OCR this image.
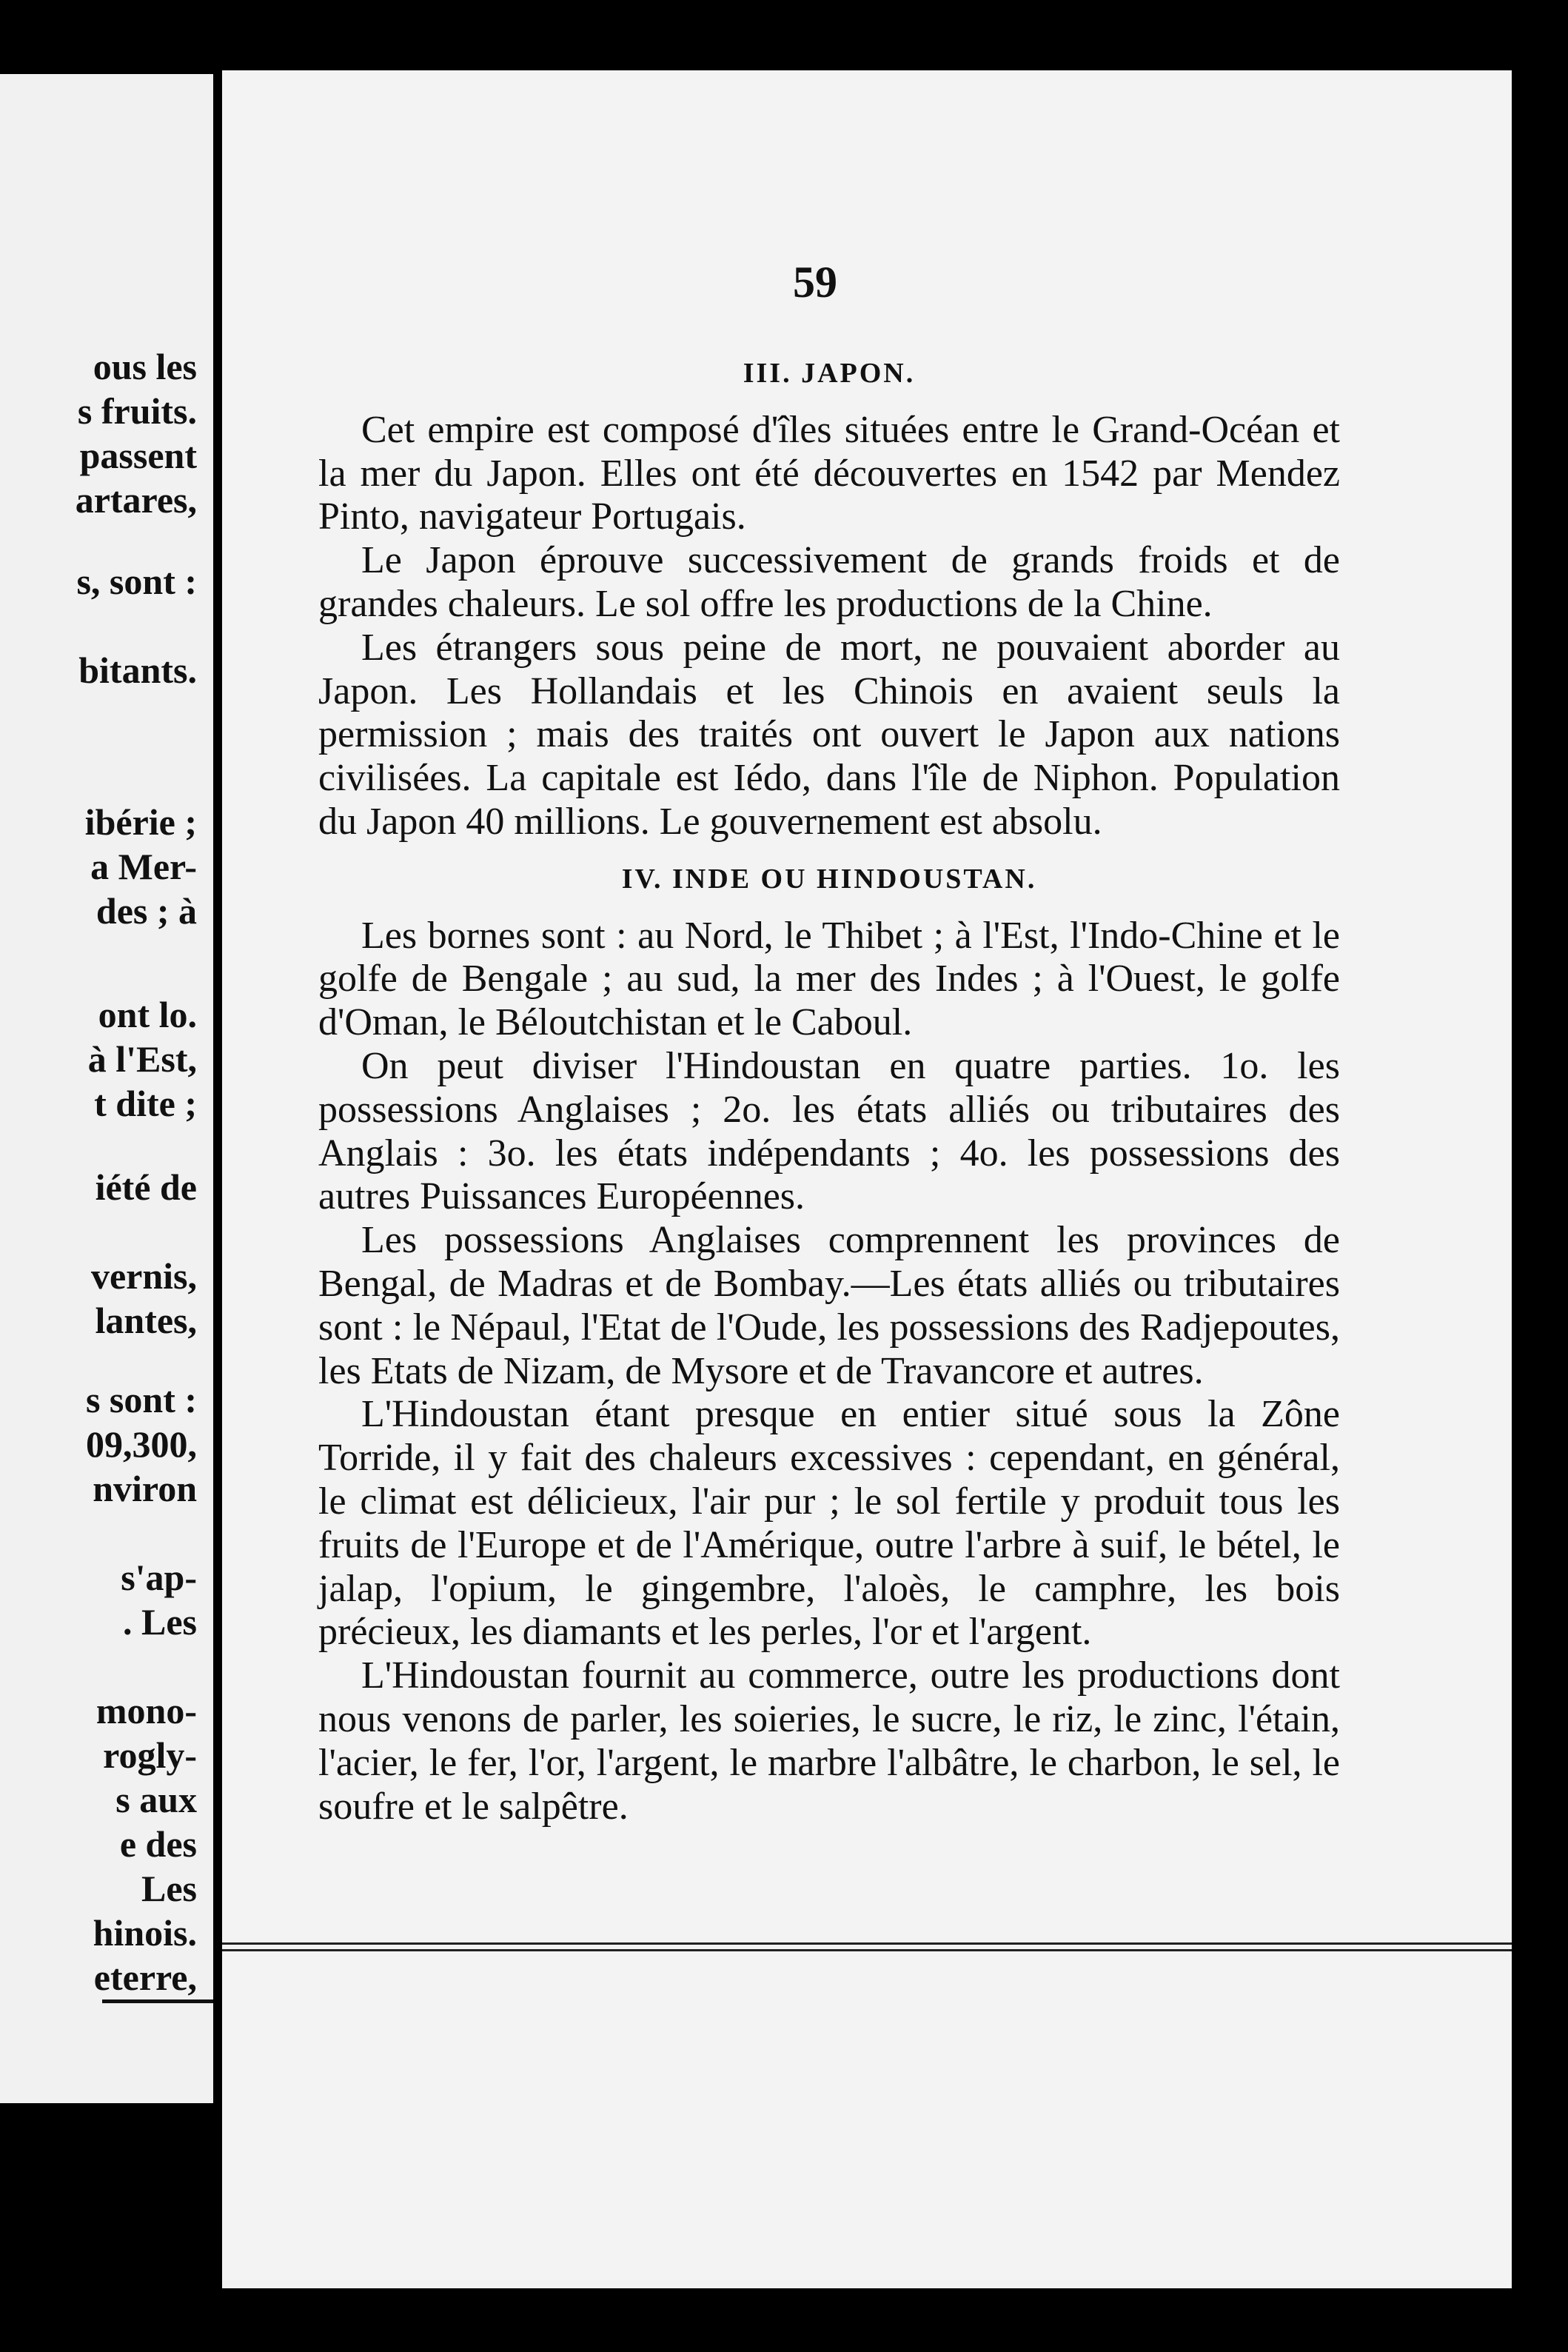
ous les
s fruits.
passent
artares,
s, sont :
bitants.
ibérie ;
a Mer-
des ; à
ont lo.
à l'Est,
t dite ;
iété de
vernis,
lantes,
s sont :
09,300,
nviron
s'ap-
. Les
mono-
rogly-
s aux
e des
Les
hinois.
eterre,
59
III. JAPON.

Cet empire est composé d'îles situées entre le Grand-Océan et la mer du Japon. Elles ont été découvertes en 1542 par Mendez Pinto, navigateur Portugais.

Le Japon éprouve successivement de grands froids et de grandes chaleurs. Le sol offre les productions de la Chine.

Les étrangers sous peine de mort, ne pouvaient aborder au Japon. Les Hollandais et les Chinois en avaient seuls la permission ; mais des traités ont ouvert le Japon aux nations civilisées. La capitale est Iédo, dans l'île de Niphon. Population du Japon 40 millions. Le gouvernement est absolu.

IV. INDE OU HINDOUSTAN.

Les bornes sont : au Nord, le Thibet ; à l'Est, l'Indo-Chine et le golfe de Bengale ; au sud, la mer des Indes ; à l'Ouest, le golfe d'Oman, le Béloutchistan et le Caboul.

On peut diviser l'Hindoustan en quatre parties. 1o. les possessions Anglaises ; 2o. les états alliés ou tributaires des Anglais : 3o. les états indépendants ; 4o. les possessions des autres Puissances Européennes.

Les possessions Anglaises comprennent les provinces de Bengal, de Madras et de Bombay.—Les états alliés ou tributaires sont : le Népaul, l'Etat de l'Oude, les possessions des Radjepoutes, les Etats de Nizam, de Mysore et de Travancore et autres.

L'Hindoustan étant presque en entier situé sous la Zône Torride, il y fait des chaleurs excessives : cependant, en général, le climat est délicieux, l'air pur ; le sol fertile y produit tous les fruits de l'Europe et de l'Amérique, outre l'arbre à suif, le bétel, le jalap, l'opium, le gingembre, l'aloès, le camphre, les bois précieux, les diamants et les perles, l'or et l'argent.

L'Hindoustan fournit au commerce, outre les productions dont nous venons de parler, les soieries, le sucre, le riz, le zinc, l'étain, l'acier, le fer, l'or, l'argent, le marbre l'albâtre, le charbon, le sel, le soufre et le salpêtre.
